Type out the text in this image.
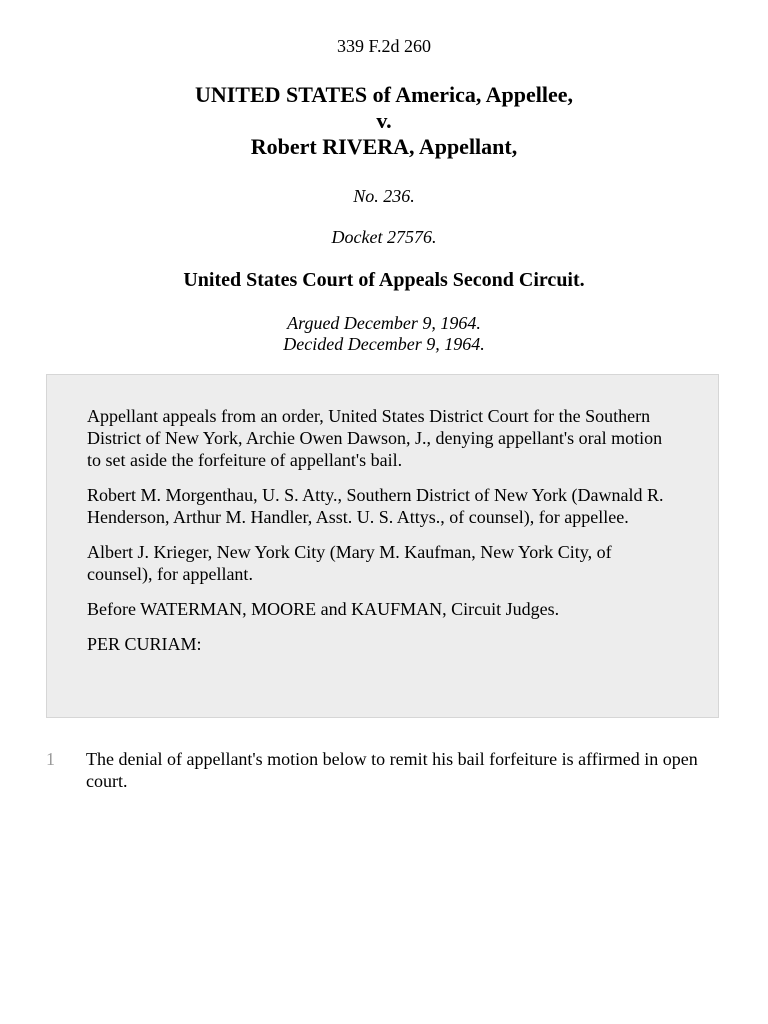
339 F.2d 260
UNITED STATES of America, Appellee,
v.
Robert RIVERA, Appellant,
No. 236.
Docket 27576.
United States Court of Appeals Second Circuit.
Argued December 9, 1964.
Decided December 9, 1964.

Appellant appeals from an order, United States District Court for the Southern District of New York, Archie Owen Dawson, J., denying appellant's oral motion to set aside the forfeiture of appellant's bail.

Robert M. Morgenthau, U. S. Atty., Southern District of New York (Dawnald R. Henderson, Arthur M. Handler, Asst. U. S. Attys., of counsel), for appellee.

Albert J. Krieger, New York City (Mary M. Kaufman, New York City, of counsel), for appellant.

Before WATERMAN, MOORE and KAUFMAN, Circuit Judges.

PER CURIAM:

1 The denial of appellant's motion below to remit his bail forfeiture is affirmed in open court.
